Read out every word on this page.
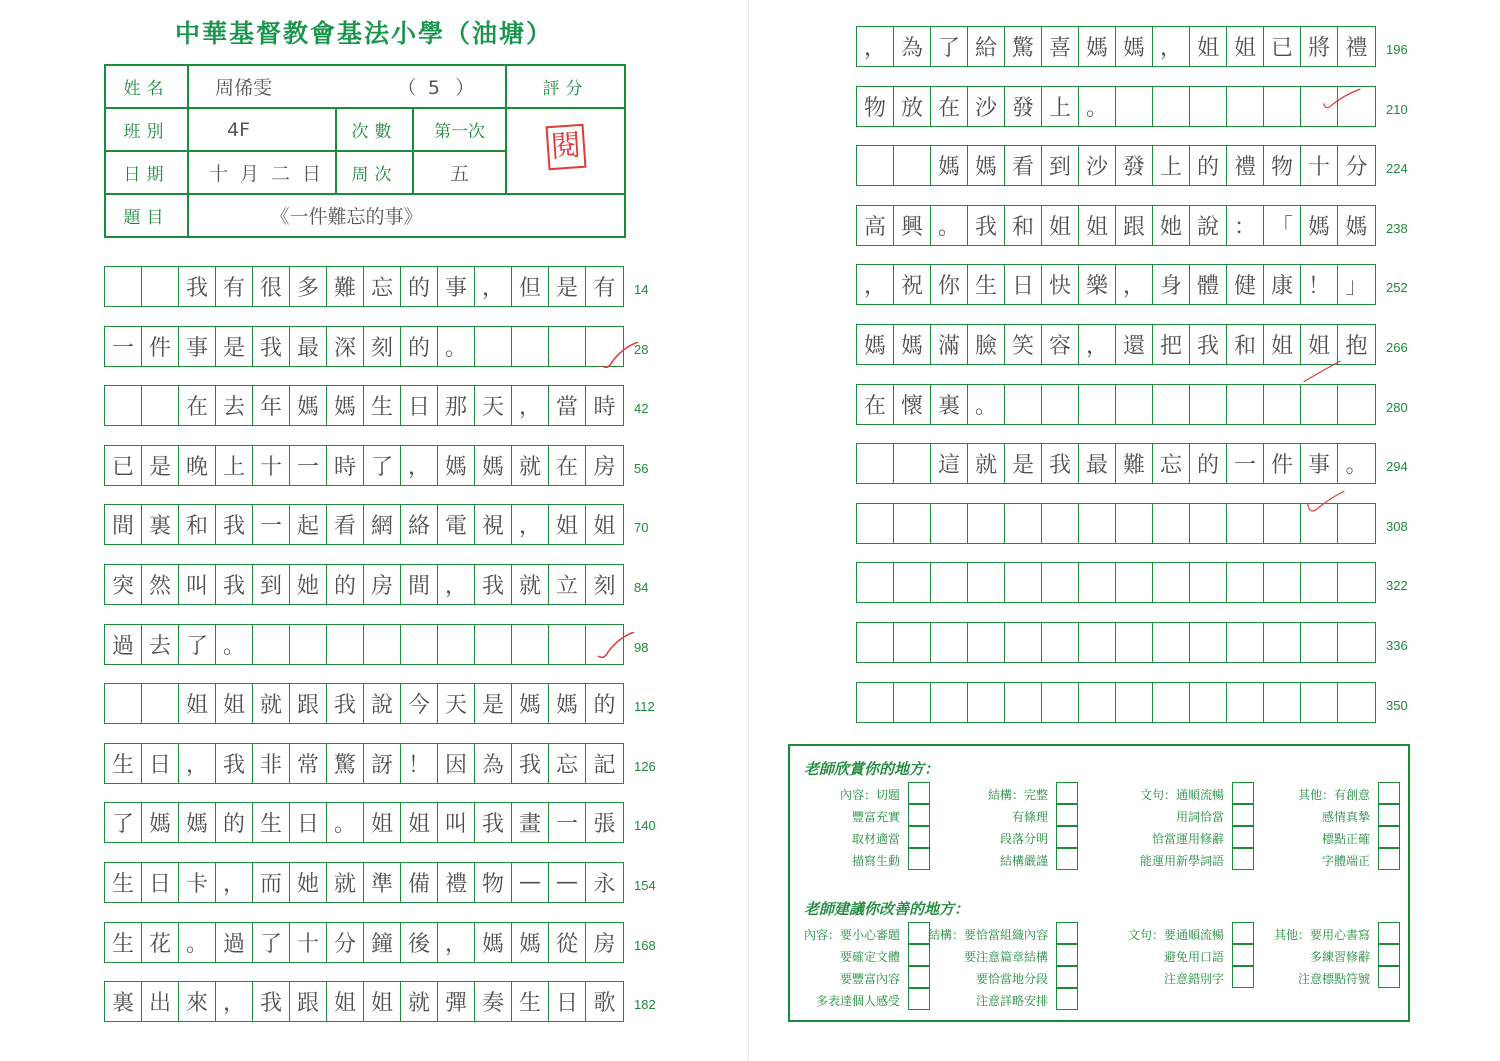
中華基督教會基法小學（油塘）
姓名	周俙雯 （ 5 ）			評分
班別	4F	次數	第一次	閱
日期	十月二日	周次	五	
題目	《一件難忘的事》			
我 有 很 多 難 忘 的 事 ， 但 是 有	14
一 件 事 是 我 最 深 刻 的 。	28
在 去 年 媽 媽 生 日 那 天 ， 當 時	42
已 是 晚 上 十 一 時 了 ， 媽 媽 就 在 房	56
間 裏 和 我 一 起 看 網 絡 電 視 ， 姐 姐	70
突 然 叫 我 到 她 的 房 間 ， 我 就 立 刻	84
過 去 了 。	98
姐 姐 就 跟 我 說 今 天 是 媽 媽 的	112
生 日 ， 我 非 常 驚 訝 ！ 因 為 我 忘 記	126
了 媽 媽 的 生 日 。 姐 姐 叫 我 畫 一 張	140
生 日 卡 ， 而 她 就 準 備 禮 物 — — 永	154
生 花 。 過 了 十 分 鐘 後 ， 媽 媽 從 房	168
裏 出 來 ， 我 跟 姐 姐 就 彈 奏 生 日 歌	182
， 為 了 給 驚 喜 媽 媽 ， 姐 姐 已 將 禮	196
物 放 在 沙 發 上 。	210
媽 媽 看 到 沙 發 上 的 禮 物 十 分	224
高 興 。 我 和 姐 姐 跟 她 說 ： 「 媽 媽	238
， 祝 你 生 日 快 樂 ， 身 體 健 康 ！ 」	252
媽 媽 滿 臉 笑 容 ， 還 把 我 和 姐 姐 抱	266
在 懷 裏 。	280
這 就 是 我 最 難 忘 的 一 件 事 。	294
308
322
336
350
老師欣賞你的地方：
內容：切題
豐富充實
取材適當
描寫生動
結構：完整
有條理
段落分明
結構嚴謹
文句：通順流暢
用詞恰當
恰當運用修辭
能運用新學詞語
其他：有創意
感情真摯
標點正確
字體端正
老師建議你改善的地方：
內容：要小心審題
要確定文體
要豐富內容
多表達個人感受
結構：要恰當組織內容
要注意篇章結構
要恰當地分段
注意詳略安排
文句：要通順流暢
避免用口語
注意錯別字
其他：要用心書寫
多練習修辭
注意標點符號
